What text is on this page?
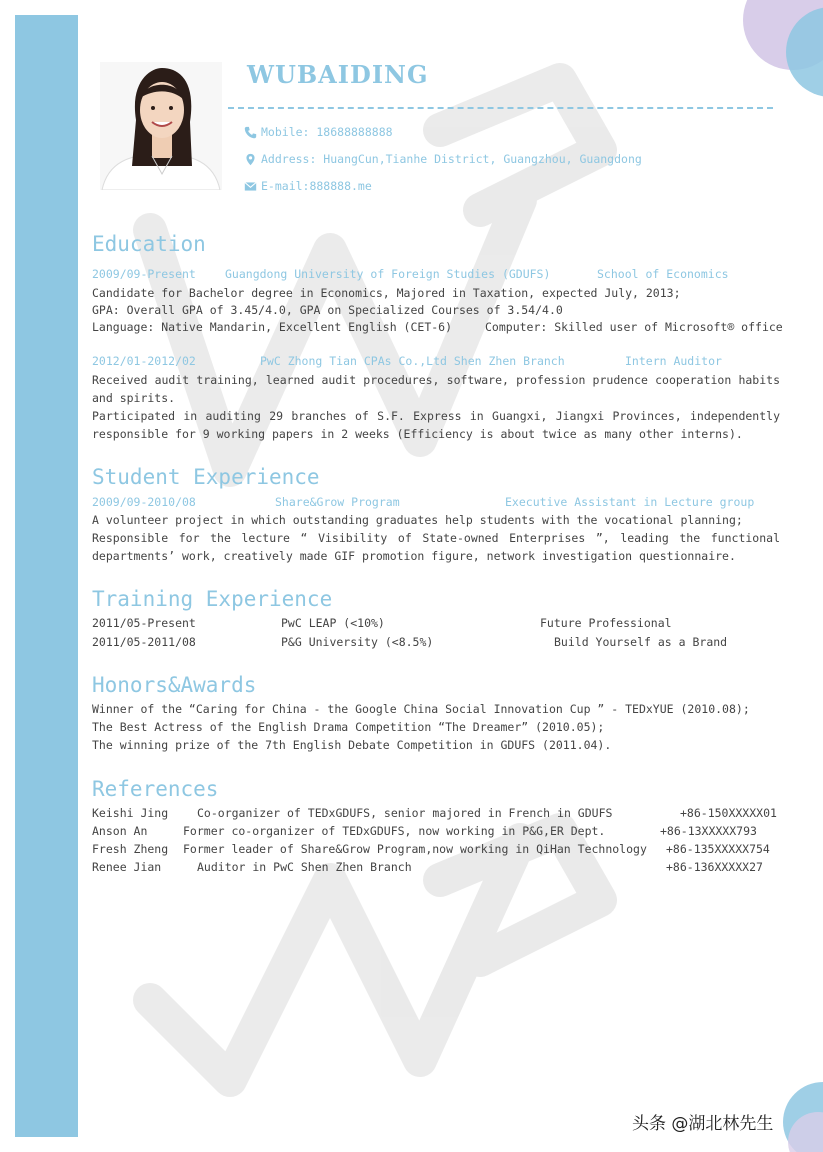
WUBAIDING
Mobile: 18688888888
Address: HuangCun,Tianhe District, Guangzhou, Guangdong
E-mail:888888.me
Education
2009/09-Present	Guangdong University of Foreign Studies (GDUFS)	School of Economics
Candidate for Bachelor degree in Economics, Majored in Taxation, expected July, 2013;
GPA: Overall GPA of 3.45/4.0, GPA on Specialized Courses of 3.54/4.0
Language: Native Mandarin, Excellent English (CET-6)	Computer: Skilled user of Microsoft® office
2012/01-2012/02	PwC Zhong Tian CPAs Co.,Ltd Shen Zhen Branch	Intern Auditor
Received audit training, learned audit procedures, software, profession prudence cooperation habits
and spirits.
Participated in auditing 29 branches of S.F. Express in Guangxi, Jiangxi Provinces, independently
responsible for 9 working papers in 2 weeks (Efficiency is about twice as many other interns).
Student Experience
2009/09-2010/08	Share&Grow Program	Executive Assistant in Lecture group
A volunteer project in which outstanding graduates help students with the vocational planning;
Responsible for the lecture “ Visibility of State-owned Enterprises ”, leading the functional
departments’ work, creatively made GIF promotion figure, network investigation questionnaire.
Training Experience
2011/05-Present	PwC LEAP (<10%)	Future Professional
2011/05-2011/08	P&G University (<8.5%)	Build Yourself as a Brand
Honors&Awards
Winner of the “Caring for China - the Google China Social Innovation Cup ” - TEDxYUE (2010.08);
The Best Actress of the English Drama Competition “The Dreamer” (2010.05);
The winning prize of the 7th English Debate Competition in GDUFS (2011.04).
References
Keishi Jing	Co-organizer of TEDxGDUFS, senior majored in French in GDUFS	+86-150XXXXX01
Anson An	Former co-organizer of TEDxGDUFS, now working in P&G,ER Dept.	+86-13XXXXX793
Fresh Zheng Former leader of Share&Grow Program,now working in QiHan Technology +86-135XXXXX754
Renee Jian	Auditor in PwC Shen Zhen Branch	+86-136XXXXX27
头条 @湖北林先生
